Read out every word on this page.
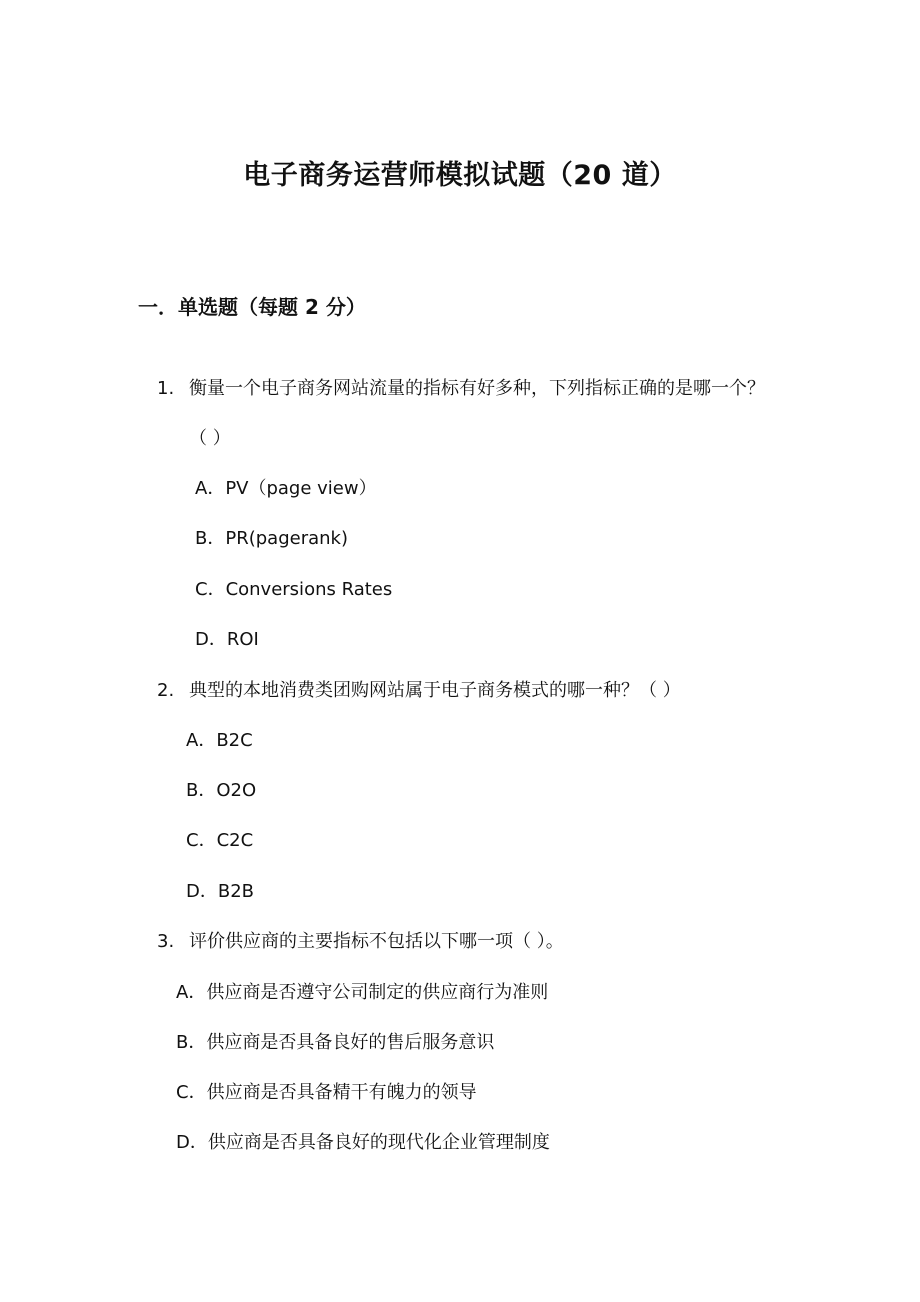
电子商务运营师模拟试题（20 道）
一．单选题（每题 2 分）
1. 衡量一个电子商务网站流量的指标有好多种，下列指标正确的是哪一个？
（ ）
A．PV（page view）
B．PR(pagerank)
C．Conversions Rates
D．ROI
2. 典型的本地消费类团购网站属于电子商务模式的哪一种？（ ）
A．B2C
B．O2O
C．C2C
D．B2B
3. 评价供应商的主要指标不包括以下哪一项（ ）。
A．供应商是否遵守公司制定的供应商行为准则
B．供应商是否具备良好的售后服务意识
C．供应商是否具备精干有魄力的领导
D．供应商是否具备良好的现代化企业管理制度
